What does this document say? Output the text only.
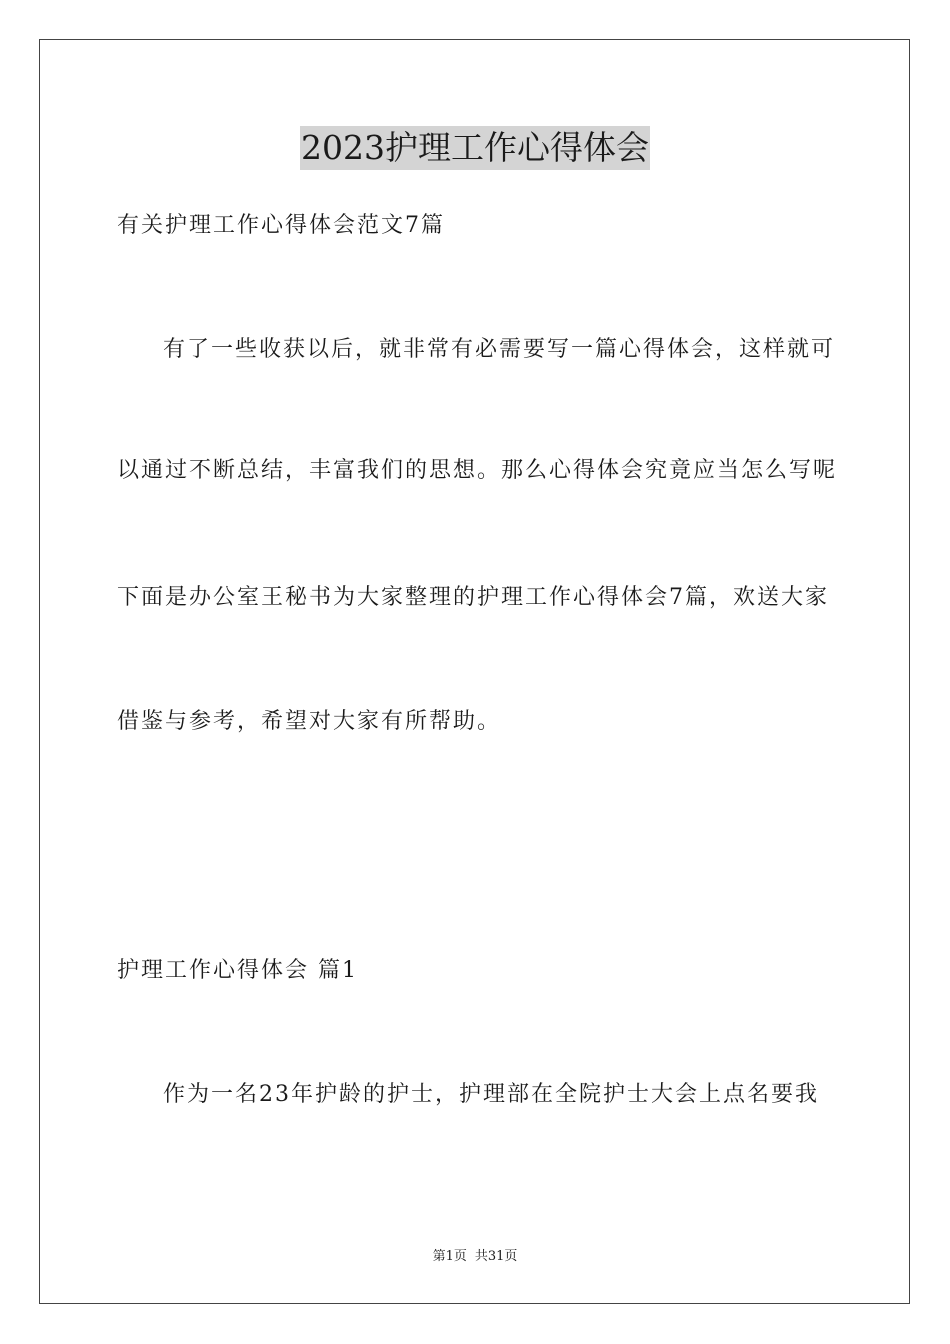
2023护理工作心得体会
有关护理工作心得体会范文7篇
有了一些收获以后，就非常有必需要写一篇心得体会，这样就可
以通过不断总结，丰富我们的思想。那么心得体会究竟应当怎么写呢
下面是办公室王秘书为大家整理的护理工作心得体会7篇，欢送大家
借鉴与参考，希望对大家有所帮助。
护理工作心得体会 篇1
作为一名23年护龄的护士，护理部在全院护士大会上点名要我
第1页 共31页
